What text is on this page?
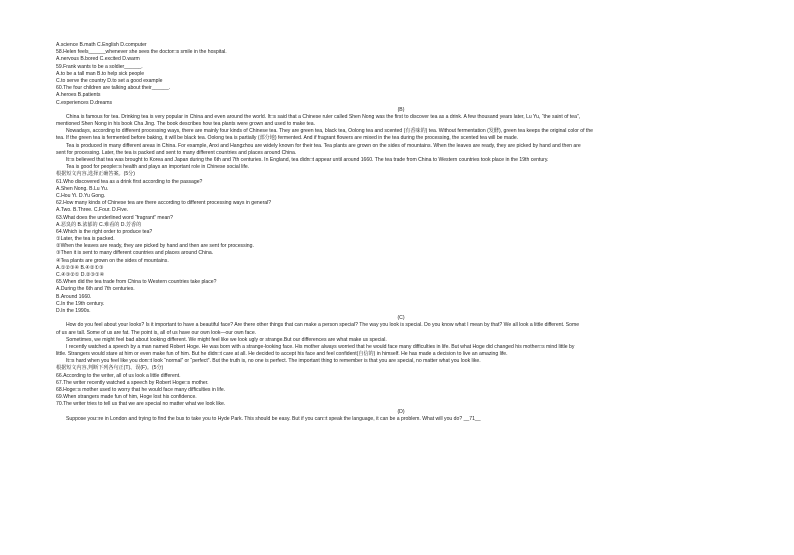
A.science B.math C.English D.computer
58.Helen feels______whenever she sees the doctor□s smile in the hospital.
A.nervous B.bored C.excited D.warm
59.Frank wants to be a soldier______.
A.to be a tall man B.to help sick people
C.to serve the country D.to set a good example
60.The four children are talking about their______.
A.heroes B.patients
C.experiences D.dreams
(B)
China is famous for tea. Drinking tea is very popular in China and even around the world. It□s said that a Chinese ruler called Shen Nong was the first to discover tea as a drink. A few thousand years later, Lu Yu, “the saint of tea”,
mentioned Shen Nong in his book Cha Jing. The book describes how tea plants were grown and used to make tea.
Nowadays, according to different processing ways, there are mainly four kinds of Chinese tea. They are green tea, black tea, Oolong tea and scented (有香味的) tea. Without fermentation (发酵), green tea keeps the original color of the
tea. If the green tea is fermented before baking, it will be black tea. Oolong tea is partially (部分地) fermented. And if fragrant flowers are mixed in the tea during the processing, the scented tea will be made.
Tea is produced in many different areas in China. For example, Anxi and Hangzhou are widely known for their tea. Tea plants are grown on the sides of mountains. When the leaves are ready, they are picked by hand and then are
sent for processing. Later, the tea is packed and sent to many different countries and places around China.
It□s believed that tea was brought to Korea and Japan during the 6th and 7th centuries. In England, tea didn□t appear until around 1660. The tea trade from China to Western countries took place in the 19th century.
Tea is good for people□s health and plays an important role in Chinese social life.
根据短文内容,选择正确答案。(5分)
61.Who discovered tea as a drink first according to the passage?
A.Shen Nong. B.Lu Yu.
C.Hou Yi. D.Yu Gong.
62.How many kinds of Chinese tea are there according to different processing ways in general?
A.Two. B.Three. C.Four. D.Five.
63.What does the underlined word “fragrant” mean?
A.恶臭的 B.浓郁的 C.难看的 D.芳香的
64.Which is the right order to produce tea?
①Later, the tea is packed.
②When the leaves are ready, they are picked by hand and then are sent for processing.
③Then it is sent to many different countries and places around China.
④Tea plants are grown on the sides of mountains.
A.①②③④ B.④②①③
C.④③②① D.②③①④
65.When did the tea trade from China to Western countries take place?
A.During the 6th and 7th centuries.
B.Around 1660.
C.In the 19th century.
D.In the 1990s.
(C)
How do you feel about your looks? Is it important to have a beautiful face? Are there other things that can make a person special? The way you look is special. Do you know what I mean by that? We all look a little different. Some
of us are tall. Some of us are fat. The point is, all of us have our own look—our own face.
Sometimes, we might feel bad about looking different. We might feel like we look ugly or strange.But our differences are what make us special.
I recently watched a speech by a man named Robert Hoge. He was born with a strange-looking face. His mother always worried that he would face many difficulties in life. But what Hoge did changed his mother□s mind little by
little. Strangers would stare at him or even make fun of him. But he didn□t care at all. He decided to accept his face and feel confident(自信的) in himself. He has made a decision to live an amazing life.
It□s hard when you feel like you don□t look “normal” or “perfect”. But the truth is, no one is perfect. The important thing to remember is that you are special, no matter what you look like.
根据短文内容,判断下列各句正(T)、误(F)。(5分)
66.According to the writer, all of us look a little different.
67.The writer recently watched a speech by Robert Hoge□s mother.
68.Hoge□s mother used to worry that he would face many difficulties in life.
69.When strangers made fun of him, Hoge lost his confidence.
70.The writer tries to tell us that we are special no matter what we look like.
(D)
Suppose you□re in London and trying to find the bus to take you to Hyde Park. This should be easy. But if you can□t speak the language, it can be a problem. What will you do? __71__
